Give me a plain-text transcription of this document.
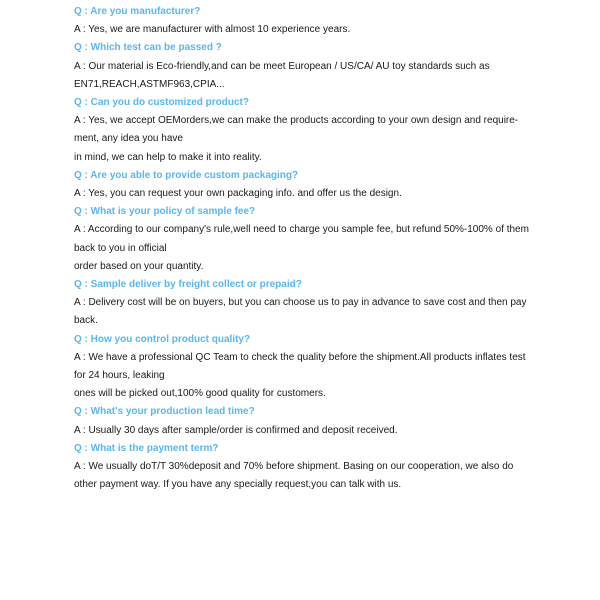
Q : Are you manufacturer?

A : Yes, we are manufacturer with almost 10 experience years.

Q : Which test can be passed ?

A : Our material is Eco-friendly,and can be meet European / US/CA/ AU toy standards such as

EN71,REACH,ASTMF963,CPIA...

Q : Can you do customized product?

A : Yes, we accept OEMorders,we can make the products according to your own design and require-

ment, any idea you have

in mind, we can help to make it into reality.

Q : Are you able to provide custom packaging?

A : Yes, you can request your own packaging info. and offer us the design.

Q : What is your policy of sample fee?

A : According to our company's rule,well need to charge you sample fee, but refund 50%-100% of them

back to you in official

order based on your quantity.

Q : Sample deliver by freight collect or prepaid?

A : Delivery cost will be on buyers, but you can choose us to pay in advance to save cost and then pay

back.

Q : How you control product quality?

A : We have a professional QC Team to check the quality before the shipment.All products inflates test

for 24 hours, leaking

ones will be picked out,100% good quality for customers.

Q : What's your production lead time?

A : Usually 30 days after sample/order is confirmed and deposit received.

Q : What is the payment term?

A : We usually doT/T 30%deposit and 70% before shipment. Basing on our cooperation, we also do

other payment way. If you have any specially request,you can talk with us.
